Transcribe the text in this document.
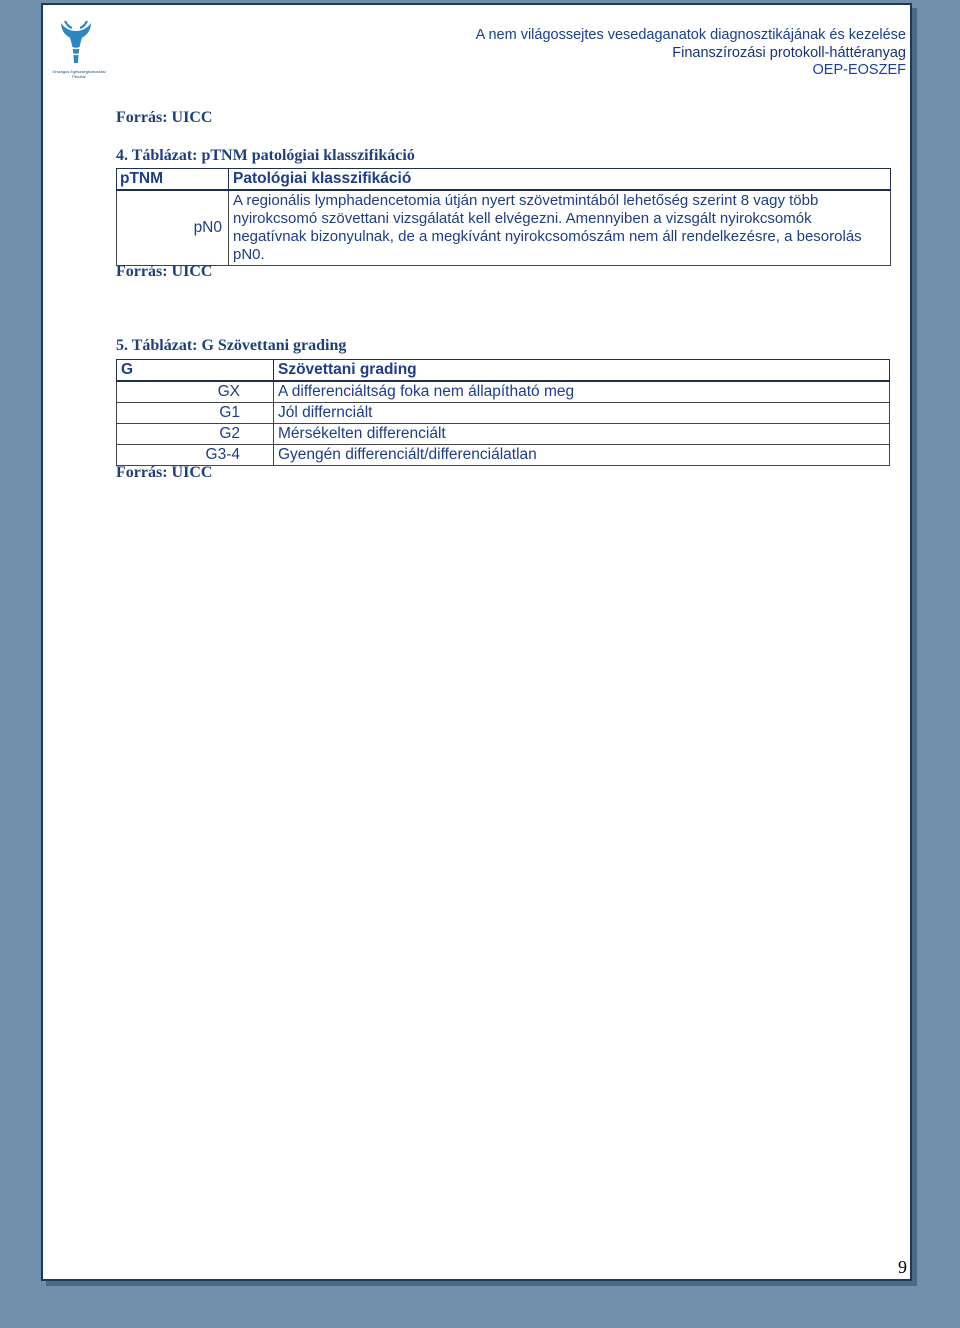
Országos Egészségbiztosítási Pénztár
A nem világossejtes vesedaganatok diagnosztikájának és kezelése
Finanszírozási protokoll-háttéranyag
OEP-EOSZEF
Forrás: UICC
4. Táblázat: pTNM patológiai klasszifikáció
pTNM	Patológiai klasszifikáció
pN0	A regionális lymphadencetomia útján nyert szövetmintából lehetőség szerint 8 vagy több nyirokcsomó szövettani vizsgálatát kell elvégezni. Amennyiben a vizsgált nyirokcsomók negatívnak bizonyulnak, de a megkívánt nyirokcsomószám nem áll rendelkezésre, a besorolás pN0.
Forrás: UICC
5. Táblázat: G Szövettani grading
G	Szövettani grading
GX	A differenciáltság foka nem állapítható meg
G1	Jól differnciált
G2	Mérsékelten differenciált
G3-4	Gyengén differenciált/differenciálatlan
Forrás: UICC
9
